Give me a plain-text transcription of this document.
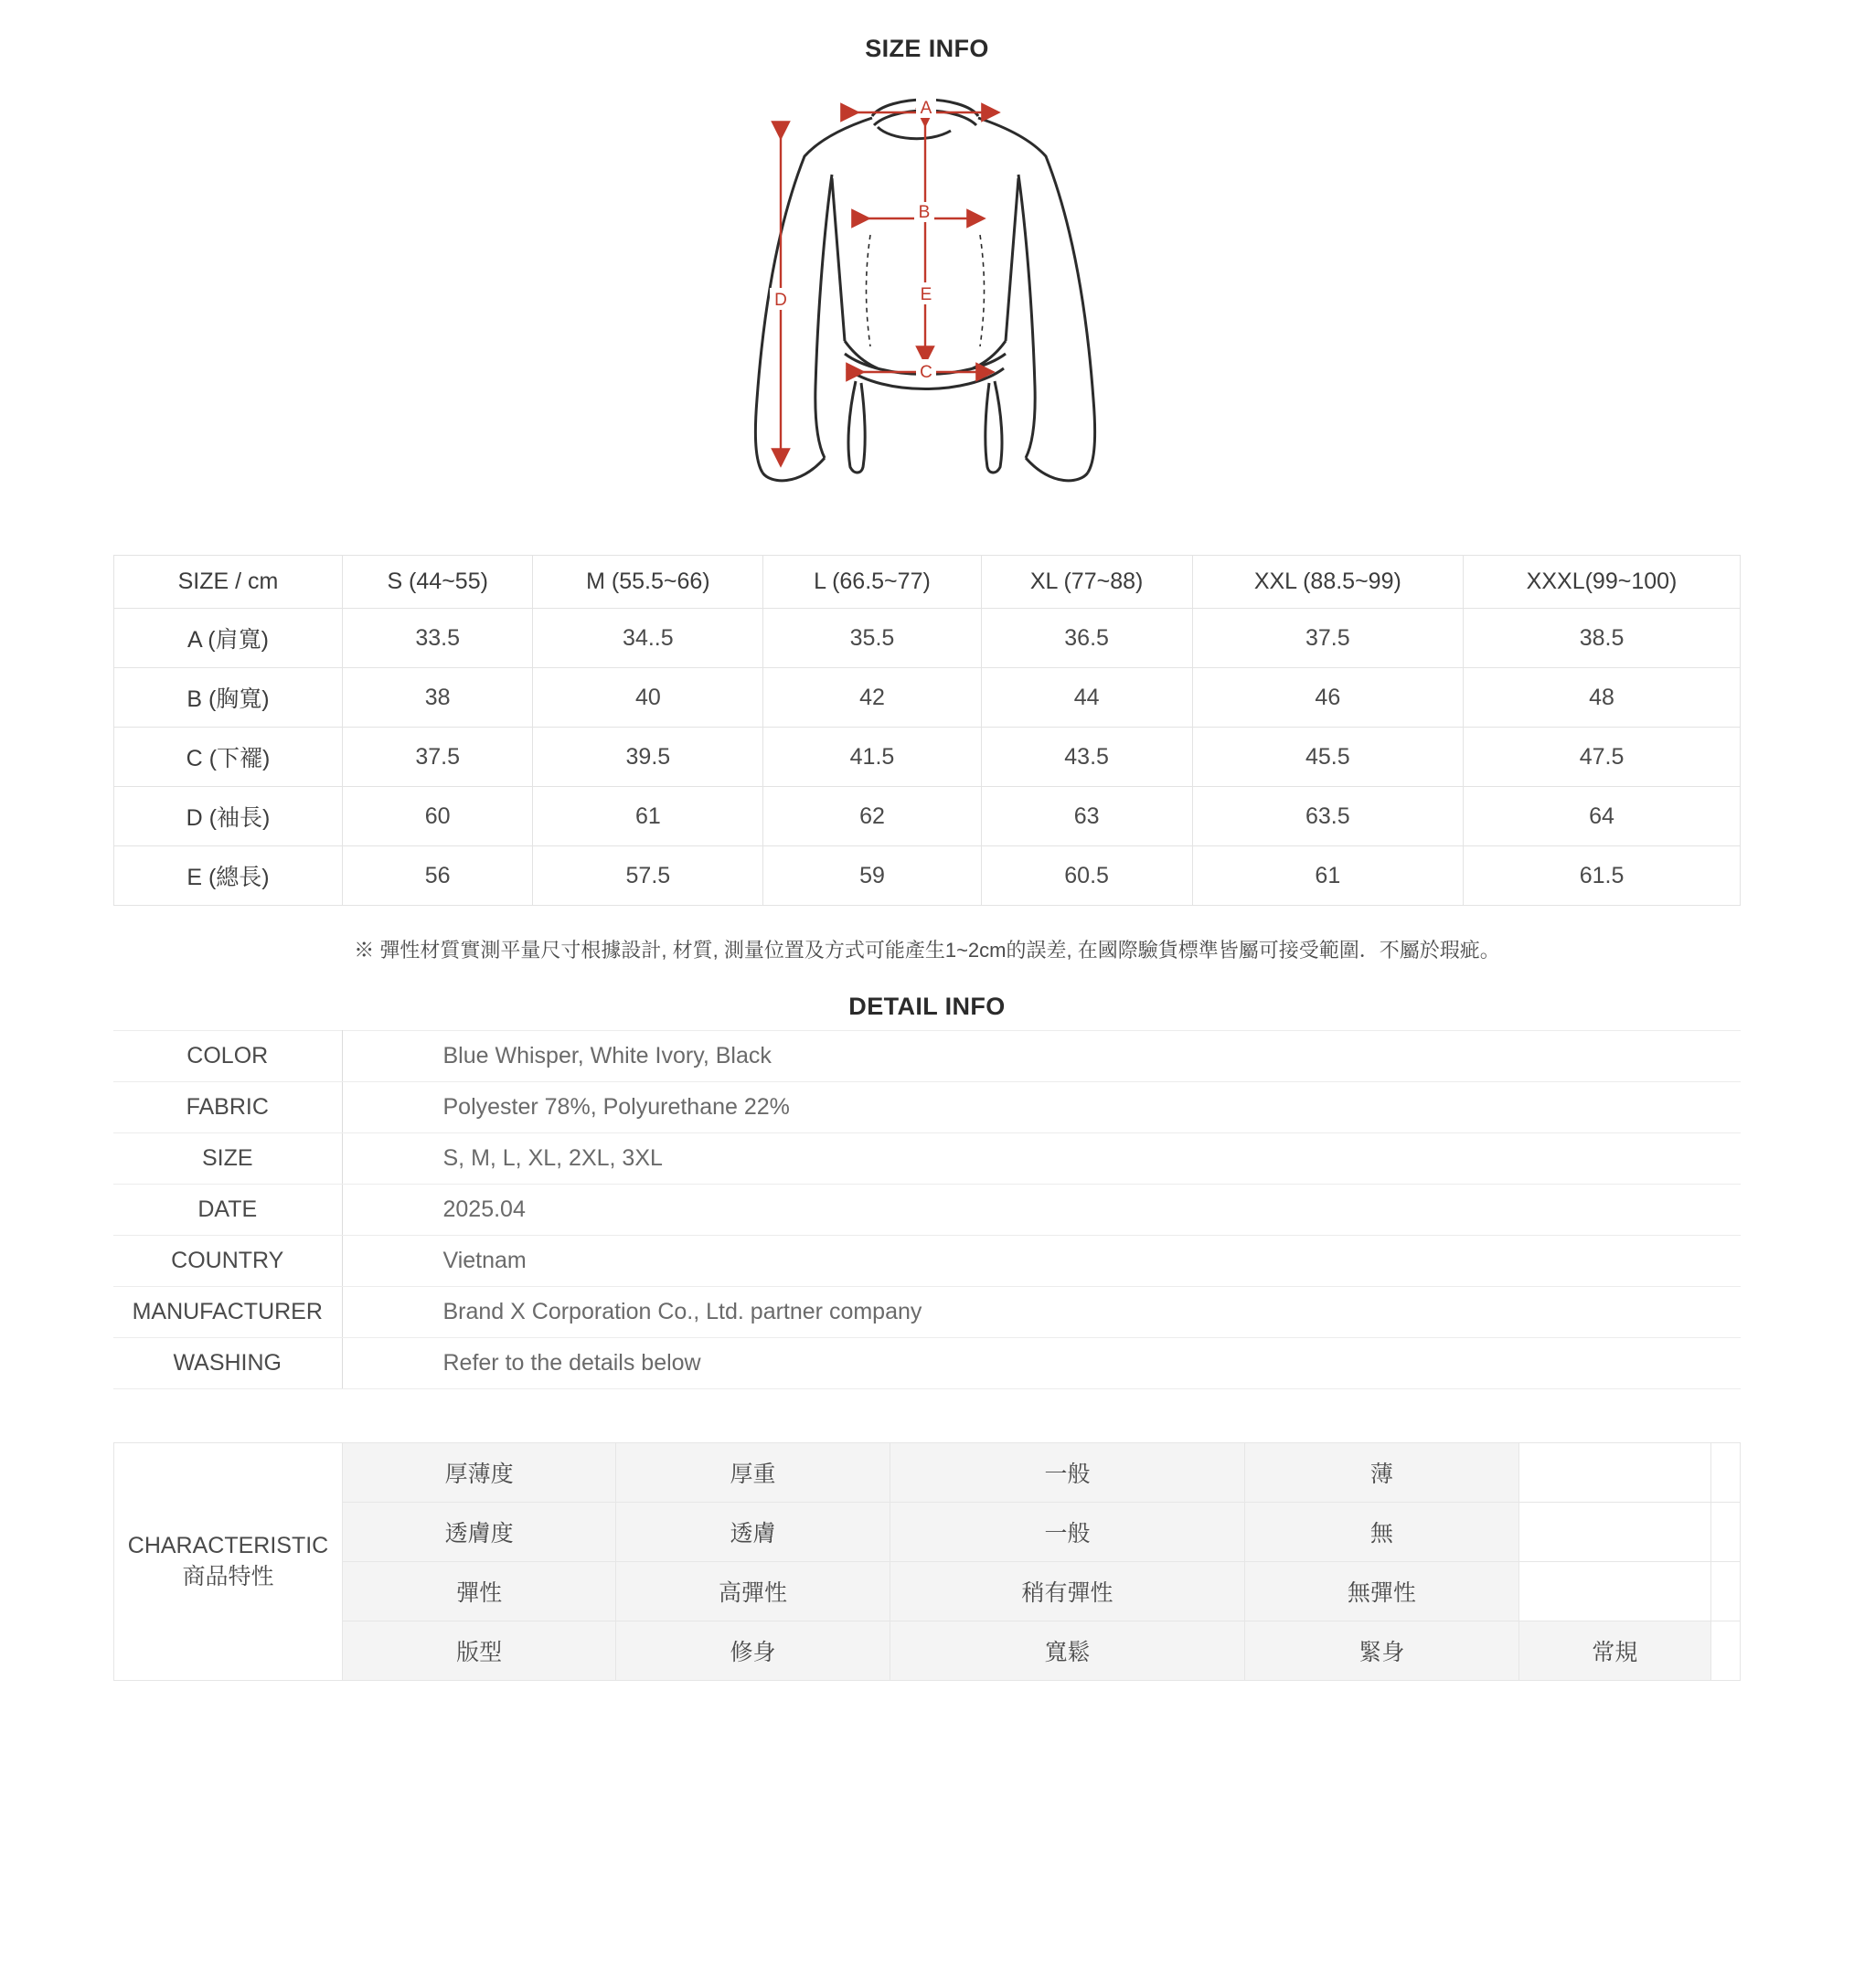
SIZE INFO
A
B
C
D	E
SIZE / cm	S (44~55)	M (55.5~66)	L (66.5~77)	XL (77~88)	XXL (88.5~99)	XXXL(99~100)
A (肩寬)	33.5	34..5	35.5	36.5	37.5	38.5
B (胸寬)	38	40	42	44	46	48
C (下襬)	37.5	39.5	41.5	43.5	45.5	47.5
D (袖長)	60	61	62	63	63.5	64
E (總長)	56	57.5	59	60.5	61	61.5
※ 彈性材質實測平量尺寸根據設計, 材質, 測量位置及方式可能產生1~2cm的誤差, 在國際驗貨標準皆屬可接受範圍．不屬於瑕疵。
DETAIL INFO
COLOR	Blue Whisper, White Ivory, Black
FABRIC	Polyester 78%, Polyurethane 22%
SIZE	S, M, L, XL, 2XL, 3XL
DATE	2025.04
COUNTRY	Vietnam
MANUFACTURER	Brand X Corporation Co., Ltd. partner company
WASHING	Refer to the details below
CHARACTERISTIC
商品特性	厚薄度	厚重	一般	薄		
	透膚度	透膚	一般	無		
	彈性	高彈性	稍有彈性	無彈性		
	版型	修身	寬鬆	緊身	常規	
